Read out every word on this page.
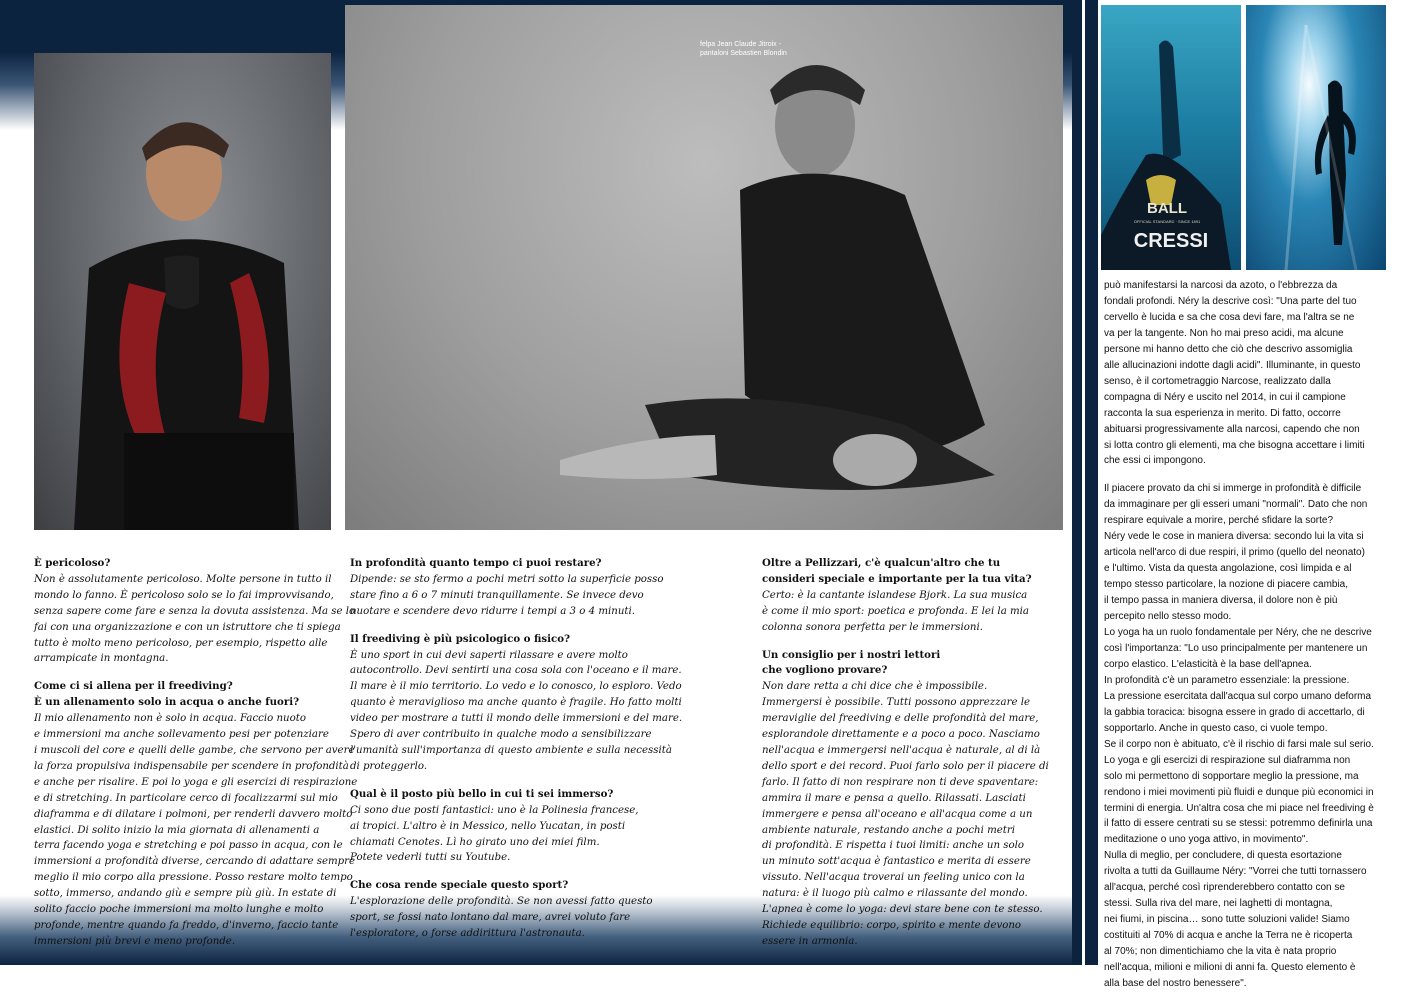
felpa Jean Claude Jitroix -
pantaloni Sebastien Blondin
BALL
OFFICIAL STANDARD · SINCE 1891
CRESSI
È pericoloso?
Non è assolutamente pericoloso. Molte persone in tutto il
mondo lo fanno. È pericoloso solo se lo fai improvvisando,
senza sapere come fare e senza la dovuta assistenza. Ma se lo
fai con una organizzazione e con un istruttore che ti spiega
tutto è molto meno pericoloso, per esempio, rispetto alle
arrampicate in montagna.
Come ci si allena per il freediving?
È un allenamento solo in acqua o anche fuori?
Il mio allenamento non è solo in acqua. Faccio nuoto
e immersioni ma anche sollevamento pesi per potenziare
i muscoli del core e quelli delle gambe, che servono per avere
la forza propulsiva indispensabile per scendere in profondità
e anche per risalire. E poi lo yoga e gli esercizi di respirazione
e di stretching. In particolare cerco di focalizzarmi sul mio
diaframma e di dilatare i polmoni, per renderli davvero molto
elastici. Di solito inizio la mia giornata di allenamenti a
terra facendo yoga e stretching e poi passo in acqua, con le
immersioni a profondità diverse, cercando di adattare sempre
meglio il mio corpo alla pressione. Posso restare molto tempo
sotto, immerso, andando giù e sempre più giù. In estate di
solito faccio poche immersioni ma molto lunghe e molto
profonde, mentre quando fa freddo, d'inverno, faccio tante
immersioni più brevi e meno profonde.
In profondità quanto tempo ci puoi restare?
Dipende: se sto fermo a pochi metri sotto la superficie posso
stare fino a 6 o 7 minuti tranquillamente. Se invece devo
nuotare e scendere devo ridurre i tempi a 3 o 4 minuti.
Il freediving è più psicologico o fisico?
È uno sport in cui devi saperti rilassare e avere molto
autocontrollo. Devi sentirti una cosa sola con l'oceano e il mare.
Il mare è il mio territorio. Lo vedo e lo conosco, lo esploro. Vedo
quanto è meraviglioso ma anche quanto è fragile. Ho fatto molti
video per mostrare a tutti il mondo delle immersioni e del mare.
Spero di aver contribuito in qualche modo a sensibilizzare
l'umanità sull'importanza di questo ambiente e sulla necessità
di proteggerlo.
Qual è il posto più bello in cui ti sei immerso?
Ci sono due posti fantastici: uno è la Polinesia francese,
ai tropici. L'altro è in Messico, nello Yucatan, in posti
chiamati Cenotes. Lì ho girato uno dei miei film.
Potete vederli tutti su Youtube.
Che cosa rende speciale questo sport?
L'esplorazione delle profondità. Se non avessi fatto questo
sport, se fossi nato lontano dal mare, avrei voluto fare
l'esploratore, o forse addirittura l'astronauta.
Oltre a Pellizzari, c'è qualcun'altro che tu
consideri speciale e importante per la tua vita?
Certo: è la cantante islandese Bjork. La sua musica
è come il mio sport: poetica e profonda. E lei la mia
colonna sonora perfetta per le immersioni.
Un consiglio per i nostri lettori
che vogliono provare?
Non dare retta a chi dice che è impossibile.
Immergersi è possibile. Tutti possono apprezzare le
meraviglie del freediving e delle profondità del mare,
esplorandole direttamente e a poco a poco. Nasciamo
nell'acqua e immergersi nell'acqua è naturale, al di là
dello sport e dei record. Puoi farlo solo per il piacere di
farlo. Il fatto di non respirare non ti deve spaventare:
ammira il mare e pensa a quello. Rilassati. Lasciati
immergere e pensa all'oceano e all'acqua come a un
ambiente naturale, restando anche a pochi metri
di profondità. E rispetta i tuoi limiti: anche un solo
un minuto sott'acqua è fantastico e merita di essere
vissuto. Nell'acqua troverai un feeling unico con la
natura: è il luogo più calmo e rilassante del mondo.
L'apnea è come lo yoga: devi stare bene con te stesso.
Richiede equilibrio: corpo, spirito e mente devono
essere in armonia.
può manifestarsi la narcosi da azoto, o l'ebbrezza da
fondali profondi. Néry la descrive così: "Una parte del tuo
cervello è lucida e sa che cosa devi fare, ma l'altra se ne
va per la tangente. Non ho mai preso acidi, ma alcune
persone mi hanno detto che ciò che descrivo assomiglia
alle allucinazioni indotte dagli acidi". Illuminante, in questo
senso, è il cortometraggio Narcose, realizzato dalla
compagna di Néry e uscito nel 2014, in cui il campione
racconta la sua esperienza in merito. Di fatto, occorre
abituarsi progressivamente alla narcosi, capendo che non
si lotta contro gli elementi, ma che bisogna accettare i limiti
che essi ci impongono.
Il piacere provato da chi si immerge in profondità è difficile
da immaginare per gli esseri umani "normali". Dato che non
respirare equivale a morire, perché sfidare la sorte?
Néry vede le cose in maniera diversa: secondo lui la vita si
articola nell'arco di due respiri, il primo (quello del neonato)
e l'ultimo. Vista da questa angolazione, così limpida e al
tempo stesso particolare, la nozione di piacere cambia,
il tempo passa in maniera diversa, il dolore non è più
percepito nello stesso modo.
Lo yoga ha un ruolo fondamentale per Néry, che ne descrive
così l'importanza: "Lo uso principalmente per mantenere un
corpo elastico. L'elasticità è la base dell'apnea.
In profondità c'è un parametro essenziale: la pressione.
La pressione esercitata dall'acqua sul corpo umano deforma
la gabbia toracica: bisogna essere in grado di accettarlo, di
sopportarlo. Anche in questo caso, ci vuole tempo.
Se il corpo non è abituato, c'è il rischio di farsi male sul serio.
Lo yoga e gli esercizi di respirazione sul diaframma non
solo mi permettono di sopportare meglio la pressione, ma
rendono i miei movimenti più fluidi e dunque più economici in
termini di energia. Un'altra cosa che mi piace nel freediving è
il fatto di essere centrati su se stessi: potremmo definirla una
meditazione o uno yoga attivo, in movimento".
Nulla di meglio, per concludere, di questa esortazione
rivolta a tutti da Guillaume Néry: "Vorrei che tutti tornassero
all'acqua, perché così riprenderebbero contatto con se
stessi. Sulla riva del mare, nei laghetti di montagna,
nei fiumi, in piscina… sono tutte soluzioni valide! Siamo
costituiti al 70% di acqua e anche la Terra ne è ricoperta
al 70%; non dimentichiamo che la vita è nata proprio
nell'acqua, milioni e milioni di anni fa. Questo elemento è
alla base del nostro benessere".
